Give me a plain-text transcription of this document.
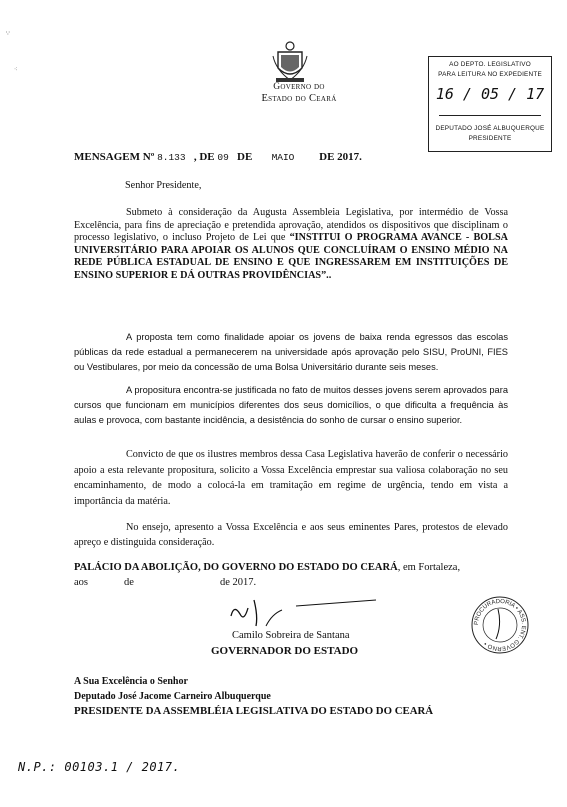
∵
⁖
Governo do
Estado do Ceará
AO DEPTO. LEGISLATIVO
PARA LEITURA NO EXPEDIENTE
16 / 05 / 17
DEPUTADO JOSÉ ALBUQUERQUE
PRESIDENTE
MENSAGEM Nº 8.133 , DE 09 DE MAIO DE 2017.
Senhor Presidente,
Submeto à consideração da Augusta Assembleia Legislativa, por intermédio de Vossa Excelência, para fins de apreciação e pretendida aprovação, atendidos os dispositivos que disciplinam o processo legislativo, o incluso Projeto de Lei que “INSTITUI O PROGRAMA AVANCE - BOLSA UNIVERSITÁRIO PARA APOIAR OS ALUNOS QUE CONCLUÍRAM O ENSINO MÉDIO NA REDE PÚBLICA ESTADUAL DE ENSINO E QUE INGRESSAREM EM INSTITUIÇÕES DE ENSINO SUPERIOR E DÁ OUTRAS PROVIDÊNCIAS”..
A proposta tem como finalidade apoiar os jovens de baixa renda egressos das escolas públicas da rede estadual a permanecerem na universidade após aprovação pelo SISU, ProUNI, FIES ou Vestibulares, por meio da concessão de uma Bolsa Universitário durante seis meses.
A propositura encontra-se justificada no fato de muitos desses jovens serem aprovados para cursos que funcionam em municípios diferentes dos seus domicílios, o que dificulta a frequência às aulas e provoca, com bastante incidência, a desistência do sonho de cursar o ensino superior.
Convicto de que os ilustres membros dessa Casa Legislativa haverão de conferir o necessário apoio a esta relevante propositura, solicito a Vossa Excelência emprestar sua valiosa colaboração no seu encaminhamento, de modo a colocá-la em tramitação em regime de urgência, tendo em vista a importância da matéria.
No ensejo, apresento a Vossa Excelência e aos seus eminentes Pares, protestos de elevado apreço e distinguida consideração.
PALÁCIO DA ABOLIÇÃO, DO GOVERNO DO ESTADO DO CEARÁ, em Fortaleza,
aos	de	de 2017.
Camilo Sobreira de Santana
GOVERNADOR DO ESTADO
PROCURADORIA • ASS. ENT. GOVERNO •
A Sua Excelência o Senhor
Deputado José Jacome Carneiro Albuquerque
PRESIDENTE DA ASSEMBLÉIA LEGISLATIVA DO ESTADO DO CEARÁ
N.P.: 00103.1 / 2017.
